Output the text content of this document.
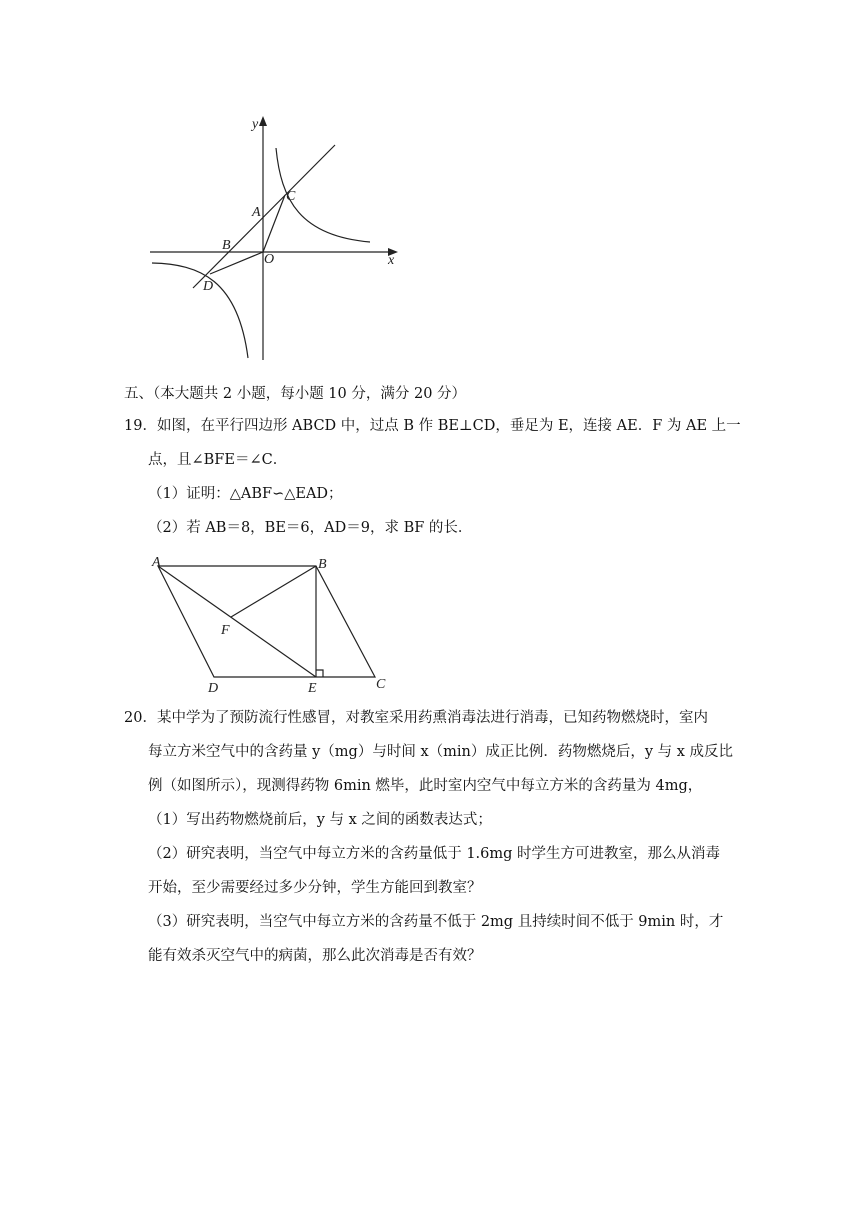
y
x
A
B
C
D
O
五、（本大题共 2 小题，每小题 10 分，满分 20 分）
19．如图，在平行四边形 ABCD 中，过点 B 作 BE⊥CD，垂足为 E，连接 AE．F 为 AE 上一
点，且∠BFE＝∠C．
（1）证明：△ABF∽△EAD；
（2）若 AB＝8，BE＝6，AD＝9，求 BF 的长．
A	B
C
D	E
F
20．某中学为了预防流行性感冒，对教室采用药熏消毒法进行消毒，已知药物燃烧时，室内
每立方米空气中的含药量 y（mg）与时间 x（min）成正比例．药物燃烧后，y 与 x 成反比
例（如图所示），现测得药物 6min 燃毕，此时室内空气中每立方米的含药量为 4mg，
（1）写出药物燃烧前后，y 与 x 之间的函数表达式；
（2）研究表明，当空气中每立方米的含药量低于 1.6mg 时学生方可进教室，那么从消毒
开始，至少需要经过多少分钟，学生方能回到教室？
（3）研究表明，当空气中每立方米的含药量不低于 2mg 且持续时间不低于 9min 时，才
能有效杀灭空气中的病菌，那么此次消毒是否有效？
